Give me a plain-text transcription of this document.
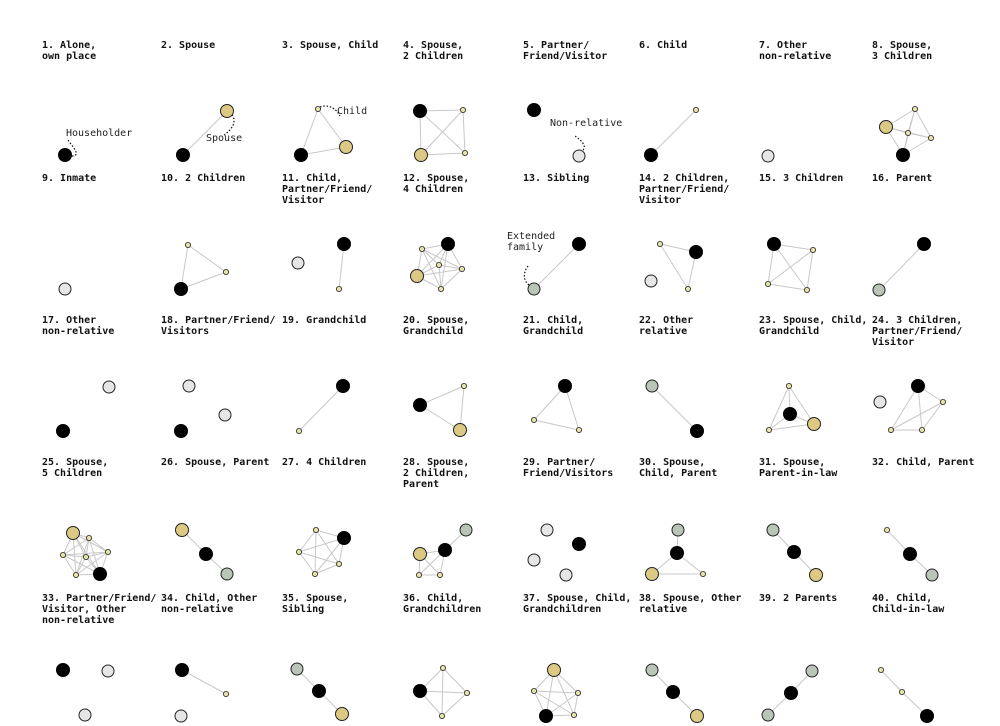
1. Alone,
own place
Householder
2. Spouse
Spouse
3. Spouse, Child
Child
4. Spouse,
2 Children
5. Partner/
Friend/Visitor
Non-relative
6. Child	7. Other
non-relative
8. Spouse,
3 Children
9. Inmate	10. 2 Children	11. Child,
Partner/Friend/
Visitor
12. Spouse,
4 Children
13. Sibling
Extended
family
14. 2 Children,
Partner/Friend/
Visitor
15. 3 Children	16. Parent
17. Other
non-relative
18. Partner/Friend/
Visitors
19. Grandchild	20. Spouse,
Grandchild
21. Child,
Grandchild
22. Other
relative
23. Spouse, Child,
Grandchild
24. 3 Children,
Partner/Friend/
Visitor
25. Spouse,
5 Children
26. Spouse, Parent	27. 4 Children	28. Spouse,
2 Children,
Parent
29. Partner/
Friend/Visitors
30. Spouse,
Child, Parent
31. Spouse,
Parent-in-law
32. Child, Parent
33. Partner/Friend/
Visitor, Other
non-relative
34. Child, Other
non-relative
35. Spouse,
Sibling
36. Child,
Grandchildren
37. Spouse, Child,
Grandchildren
38. Spouse, Other
relative
39. 2 Parents	40. Child,
Child-in-law
